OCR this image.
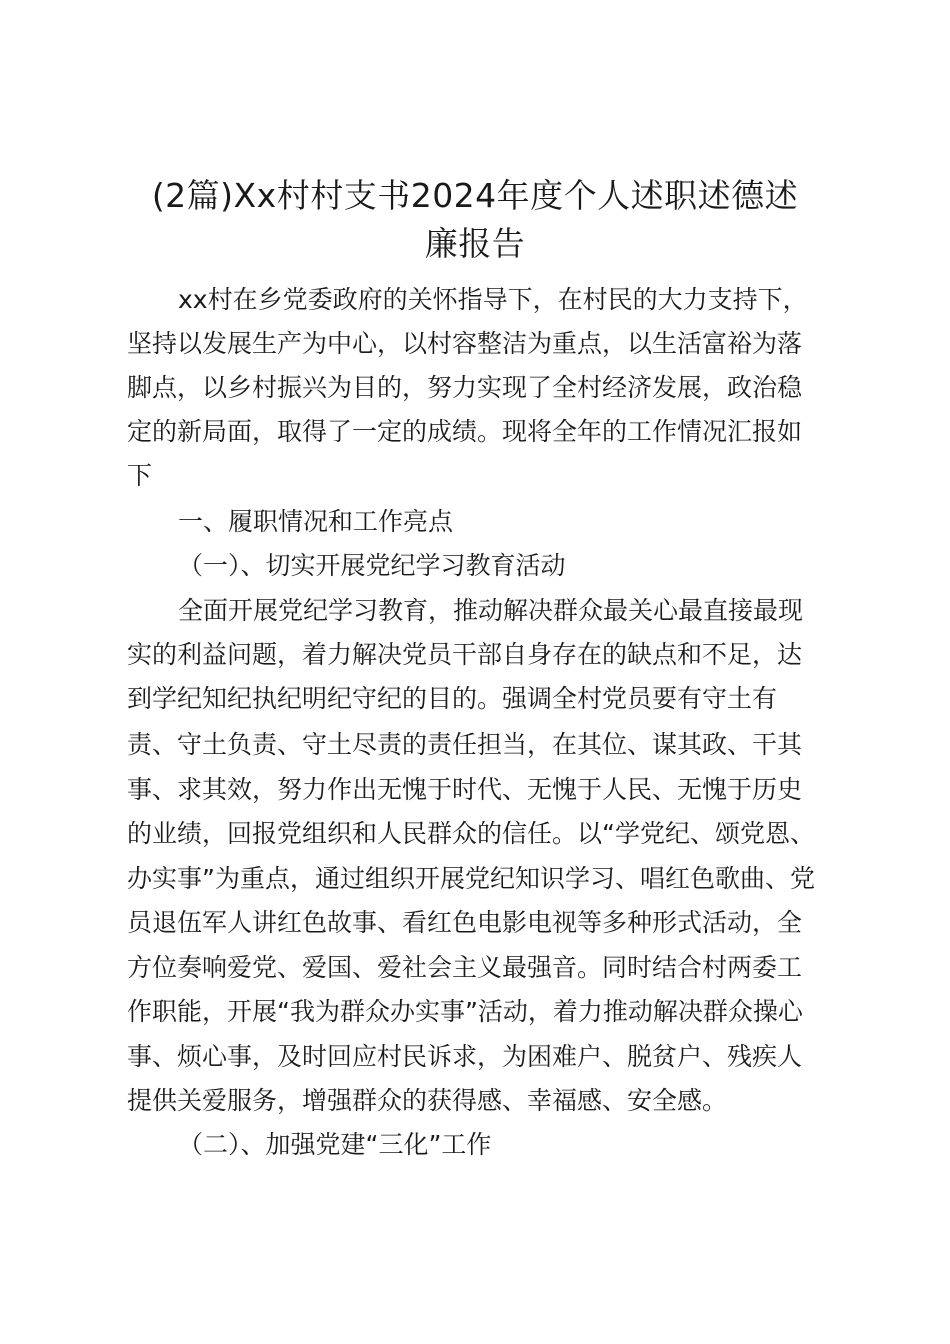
(2篇)Xx村村支书2024年度个人述职述德述
廉报告
xx村在乡党委政府的关怀指导下，在村民的大力支持下，
坚持以发展生产为中心，以村容整洁为重点，以生活富裕为落
脚点，以乡村振兴为目的，努力实现了全村经济发展，政治稳
定的新局面，取得了一定的成绩。现将全年的工作情况汇报如
下
一、履职情况和工作亮点
（一）、切实开展党纪学习教育活动
全面开展党纪学习教育，推动解决群众最关心最直接最现
实的利益问题，着力解决党员干部自身存在的缺点和不足，达
到学纪知纪执纪明纪守纪的目的。强调全村党员要有守土有
责、守土负责、守土尽责的责任担当，在其位、谋其政、干其
事、求其效，努力作出无愧于时代、无愧于人民、无愧于历史
的业绩，回报党组织和人民群众的信任。以“学党纪、颂党恩、
办实事”为重点，通过组织开展党纪知识学习、唱红色歌曲、党
员退伍军人讲红色故事、看红色电影电视等多种形式活动，全
方位奏响爱党、爱国、爱社会主义最强音。同时结合村两委工
作职能，开展“我为群众办实事”活动，着力推动解决群众操心
事、烦心事，及时回应村民诉求，为困难户、脱贫户、残疾人
提供关爱服务，增强群众的获得感、幸福感、安全感。
（二）、加强党建“三化”工作
